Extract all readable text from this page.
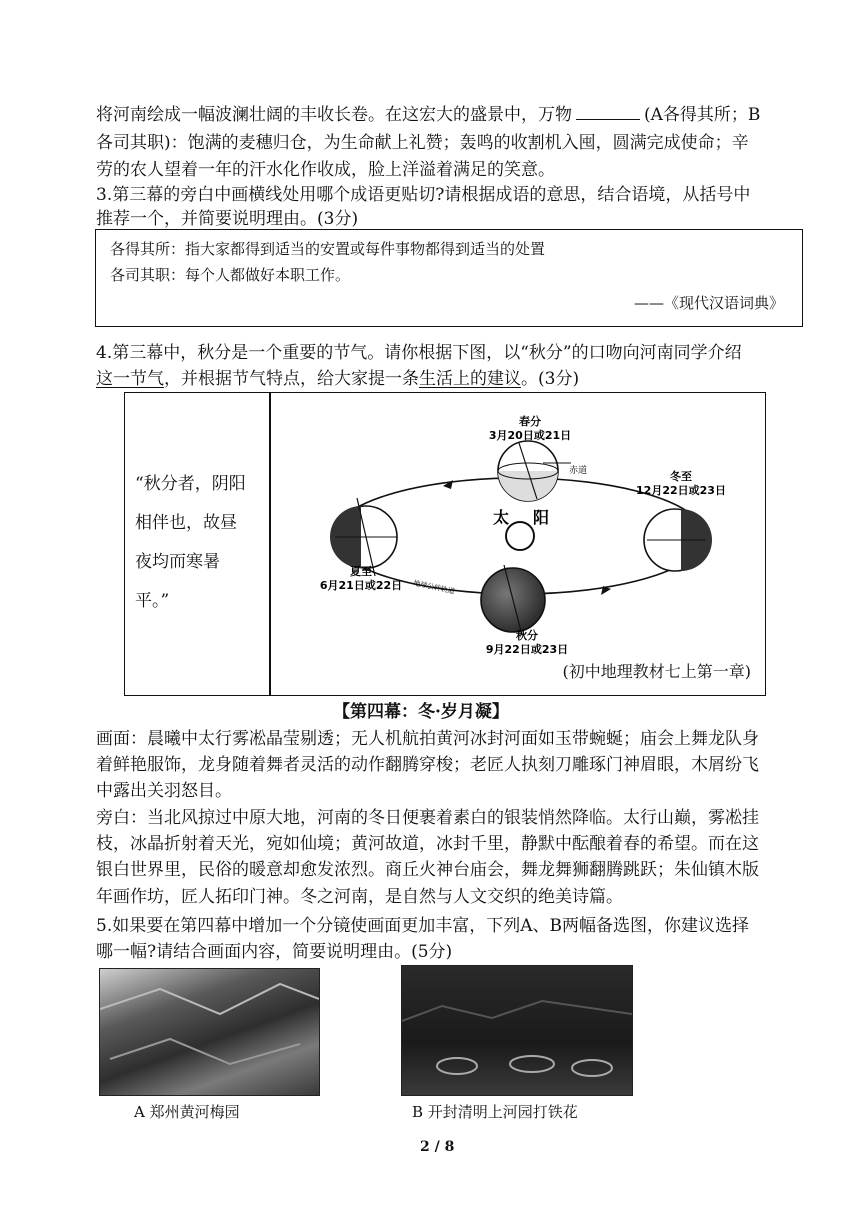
将河南绘成一幅波澜壮阔的丰收长卷。在这宏大的盛景中，万物	(A各得其所；B
各司其职)：饱满的麦穗归仓，为生命献上礼赞；轰鸣的收割机入囤，圆满完成使命；辛
劳的农人望着一年的汗水化作收成，脸上洋溢着满足的笑意。
3.第三幕的旁白中画横线处用哪个成语更贴切?请根据成语的意思，结合语境，从括号中
推荐一个，并简要说明理由。(3分)
各得其所：指大家都得到适当的安置或每件事物都得到适当的处置
各司其职：每个人都做好本职工作。
——《现代汉语词典》
4.第三幕中，秋分是一个重要的节气。请你根据下图，以“秋分”的口吻向河南同学介绍
这一节气，并根据节气特点，给大家提一条生活上的建议。(3分)
“秋分者，阴阳
相伴也，故昼
夜均而寒暑
平。”
春分
3月20日或21日
冬至
12月22日或23日
夏至
6月21日或22日
秋分
9月22日或23日
太 阳
赤道
地球公转轨道
(初中地理教材七上第一章)
【第四幕：冬·岁月凝】
画面：晨曦中太行雾凇晶莹剔透；无人机航拍黄河冰封河面如玉带蜿蜒；庙会上舞龙队身
着鲜艳服饰，龙身随着舞者灵活的动作翻腾穿梭；老匠人执刻刀雕琢门神眉眼，木屑纷飞
中露出关羽怒目。
旁白：当北风掠过中原大地，河南的冬日便裹着素白的银装悄然降临。太行山巅，雾凇挂
枝，冰晶折射着天光，宛如仙境；黄河故道，冰封千里，静默中酝酿着春的希望。而在这
银白世界里，民俗的暖意却愈发浓烈。商丘火神台庙会，舞龙舞狮翻腾跳跃；朱仙镇木版
年画作坊，匠人拓印门神。冬之河南，是自然与人文交织的绝美诗篇。
5.如果要在第四幕中增加一个分镜使画面更加丰富，下列A、B两幅备选图，你建议选择
哪一幅?请结合画面内容，简要说明理由。(5分)
A 郑州黄河梅园	B 开封清明上河园打铁花
2 / 8
